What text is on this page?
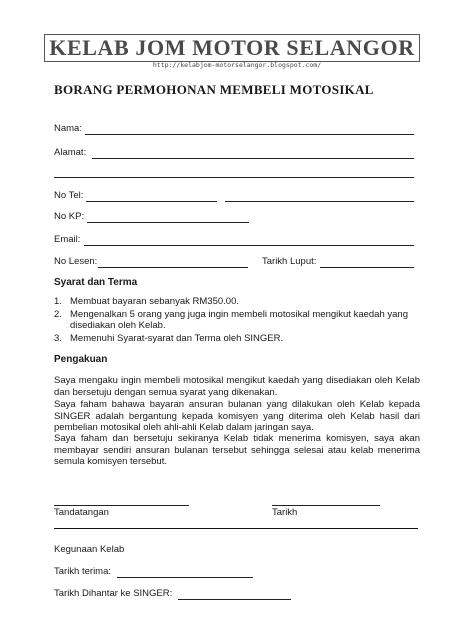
KELAB JOM MOTOR SELANGOR
http://kelabjom-motorselangor.blogspot.com/
BORANG PERMOHONAN MEMBELI MOTOSIKAL
Nama:
Alamat:
No Tel:
No KP:
Email:
No Lesen:	Tarikh Luput:
Syarat dan Terma
1. Membuat bayaran sebanyak RM350.00.
2. Mengenalkan 5 orang yang juga ingin membeli motosikal mengikut kaedah yang disediakan oleh Kelab.
3. Memenuhi Syarat-syarat dan Terma oleh SINGER.
Pengakuan
Saya mengaku ingin membeli motosikal mengikut kaedah yang disediakan oleh Kelab dan bersetuju dengan semua syarat yang dikenakan.
Saya faham bahawa bayaran ansuran bulanan yang dilakukan oleh Kelab kepada SINGER adalah bergantung kepada komisyen yang diterima oleh Kelab hasil dari pembelian motosikal oleh ahli-ahli Kelab dalam jaringan saya.
Saya faham dan bersetuju sekiranya Kelab tidak menerima komisyen, saya akan membayar sendiri ansuran bulanan tersebut sehingga selesai atau kelab menerima semula komisyen tersebut.
Tandatangan	Tarikh
Kegunaan Kelab
Tarikh terima:
Tarikh Dihantar ke SINGER:
